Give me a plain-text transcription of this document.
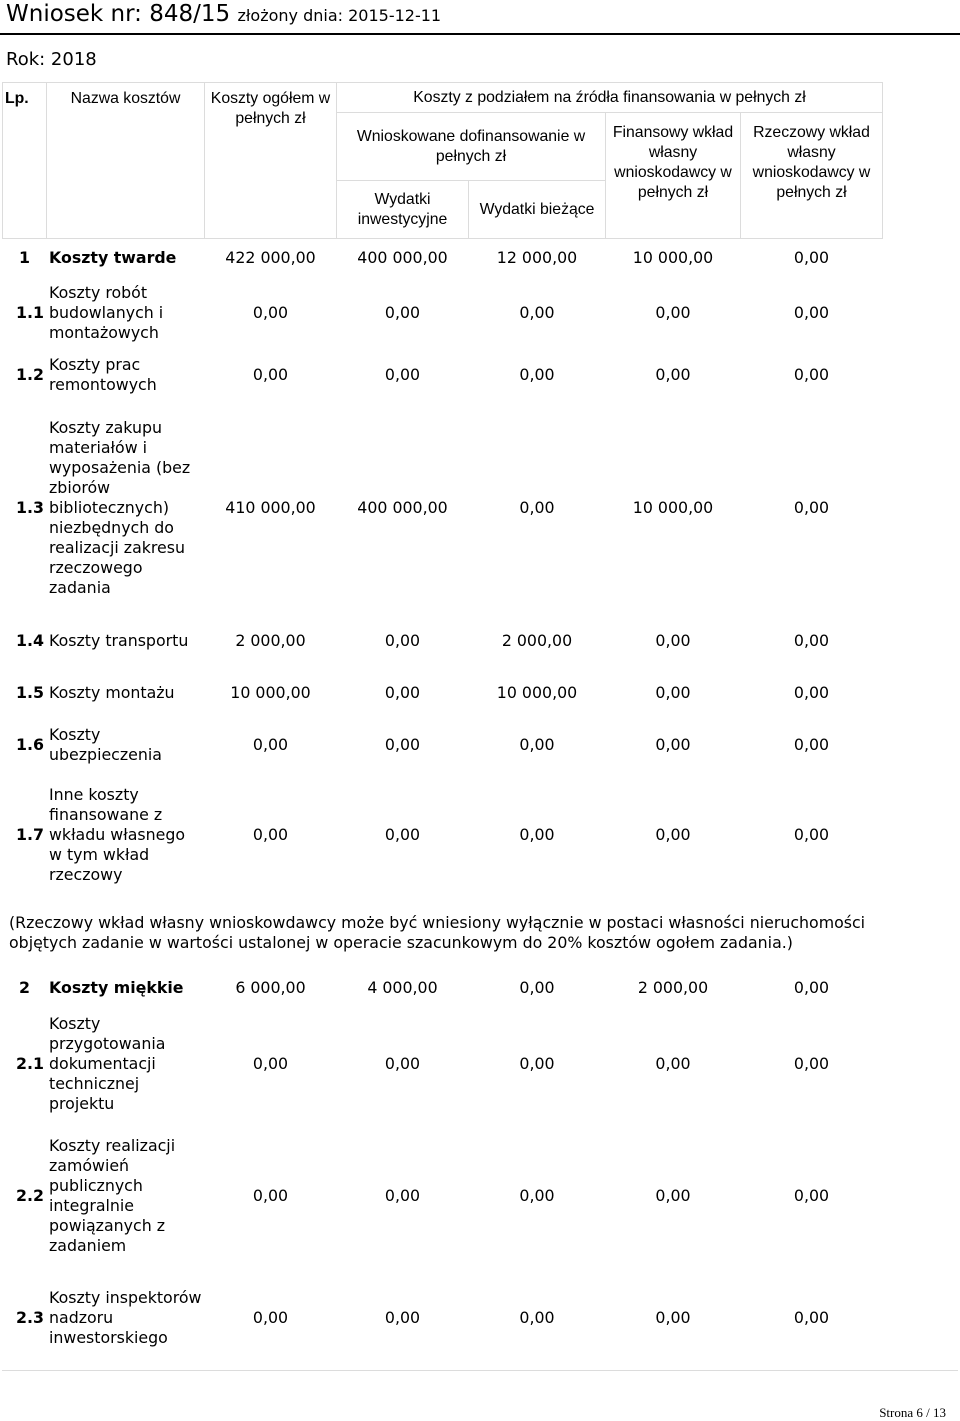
Wniosek nr: 848/15 złożony dnia: 2015-12-11
Rok: 2018
Lp.	Nazwa kosztów	Koszty ogółem w pełnych zł	Koszty z podziałem na źródła finansowania w pełnych zł			
			Wnioskowane dofinansowanie w pełnych zł		Finansowy wkład własny wnioskodawcy w pełnych zł	Rzeczowy wkład własny wnioskodawcy w pełnych zł
			Wydatki inwestycyjne	Wydatki bieżące		
1	Koszty twarde	422 000,00	400 000,00	12 000,00	10 000,00	0,00
1.1	Koszty robót budowlanych i montażowych	0,00	0,00	0,00	0,00	0,00
1.2	Koszty prac remontowych	0,00	0,00	0,00	0,00	0,00
1.3	Koszty zakupu materiałów i wyposażenia (bez zbiorów bibliotecznych) niezbędnych do realizacji zakresu rzeczowego zadania	410 000,00	400 000,00	0,00	10 000,00	0,00
1.4	Koszty transportu	2 000,00	0,00	2 000,00	0,00	0,00
1.5	Koszty montażu	10 000,00	0,00	10 000,00	0,00	0,00
1.6	Koszty ubezpieczenia	0,00	0,00	0,00	0,00	0,00
1.7	Inne koszty finansowane z wkładu własnego w tym wkład rzeczowy	0,00	0,00	0,00	0,00	0,00
(Rzeczowy wkład własny wnioskowdawcy może być wniesiony wyłącznie w postaci własności nieruchomości objętych zadanie w wartości ustalonej w operacie szacunkowym do 20% kosztów ogołem zadania.)						
2	Koszty miękkie	6 000,00	4 000,00	0,00	2 000,00	0,00
2.1	Koszty przygotowania dokumentacji technicznej projektu	0,00	0,00	0,00	0,00	0,00
2.2	Koszty realizacji zamówień publicznych integralnie powiązanych z zadaniem	0,00	0,00	0,00	0,00	0,00
2.3	Koszty inspektorów nadzoru inwestorskiego	0,00	0,00	0,00	0,00	0,00
Strona 6 / 13
